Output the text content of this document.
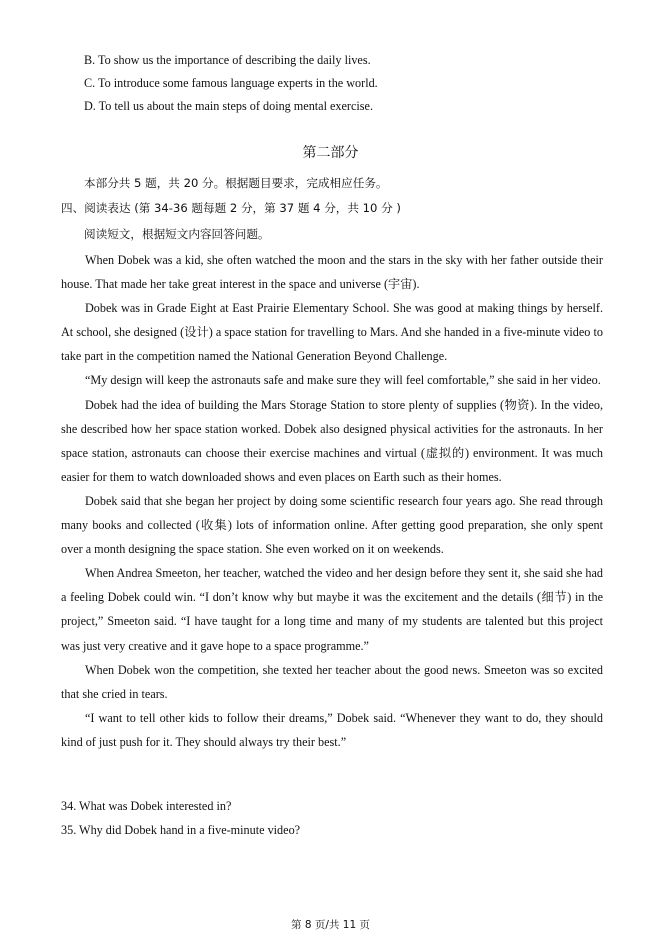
B. To show us the importance of describing the daily lives.
C. To introduce some famous language experts in the world.
D. To tell us about the main steps of doing mental exercise.
第二部分
本部分共 5 题，共 20 分。根据题目要求，完成相应任务。
四、阅读表达 (第 34-36 题每题 2 分，第 37 题 4 分，共 10 分 )
阅读短文，根据短文内容回答问题。

When Dobek was a kid, she often watched the moon and the stars in the sky with her father outside their house. That made her take great interest in the space and universe (宇宙).

Dobek was in Grade Eight at East Prairie Elementary School. She was good at making things by herself. At school, she designed (设计) a space station for travelling to Mars. And she handed in a five-minute video to take part in the competition named the National Generation Beyond Challenge.

“My design will keep the astronauts safe and make sure they will feel comfortable,” she said in her video.

Dobek had the idea of building the Mars Storage Station to store plenty of supplies (物资). In the video, she described how her space station worked. Dobek also designed physical activities for the astronauts. In her space station, astronauts can choose their exercise machines and virtual (虚拟的) environment. It was much easier for them to watch downloaded shows and even places on Earth such as their homes.

Dobek said that she began her project by doing some scientific research four years ago. She read through many books and collected (收集) lots of information online. After getting good preparation, she only spent over a month designing the space station. She even worked on it on weekends.

When Andrea Smeeton, her teacher, watched the video and her design before they sent it, she said she had a feeling Dobek could win. “I don’t know why but maybe it was the excitement and the details (细节) in the project,” Smeeton said. “I have taught for a long time and many of my students are talented but this project was just very creative and it gave hope to a space programme.”

When Dobek won the competition, she texted her teacher about the good news. Smeeton was so excited that she cried in tears.

“I want to tell other kids to follow their dreams,” Dobek said. “Whenever they want to do, they should kind of just push for it. They should always try their best.”

34. What was Dobek interested in?
35. Why did Dobek hand in a five-minute video?
第 8 页/共 11 页
